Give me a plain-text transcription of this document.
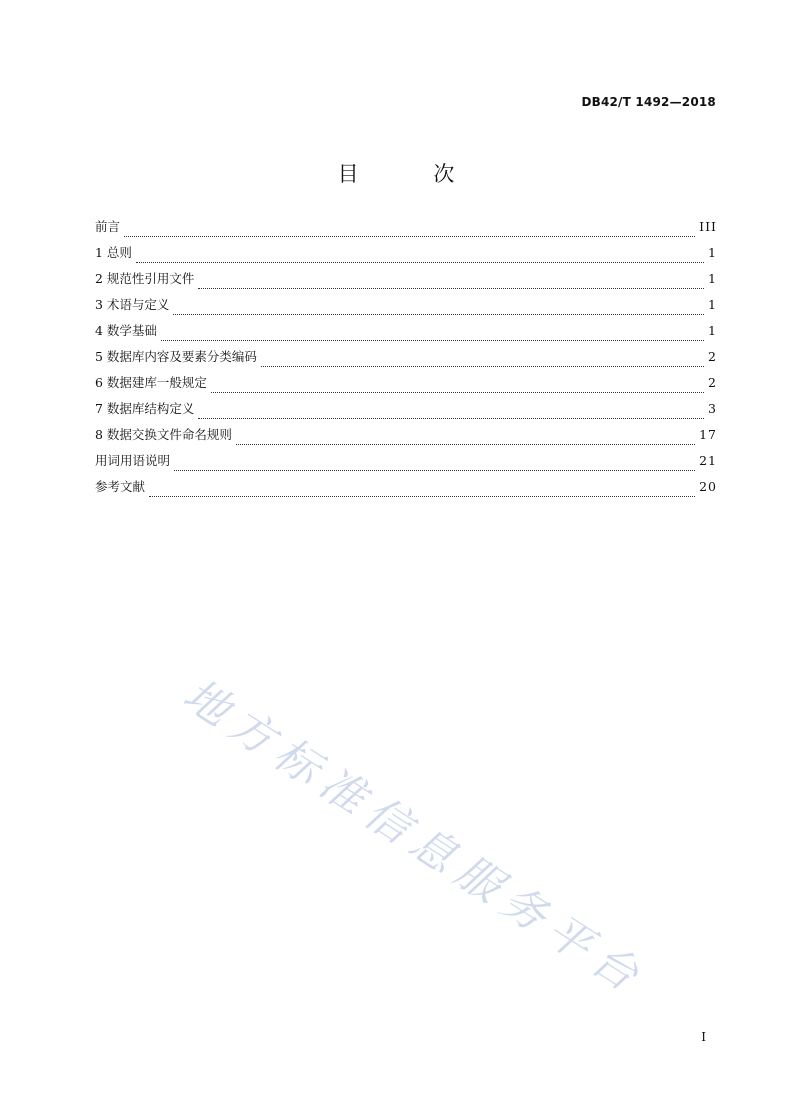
DB42/T 1492—2018
目 次
前言	III
1 总则	1
2 规范性引用文件	1
3 术语与定义	1
4 数学基础	1
5 数据库内容及要素分类编码	2
6 数据建库一般规定	2
7 数据库结构定义	3
8 数据交换文件命名规则	17
用词用语说明	21
参考文献	20
地方标准信息服务平台
I
